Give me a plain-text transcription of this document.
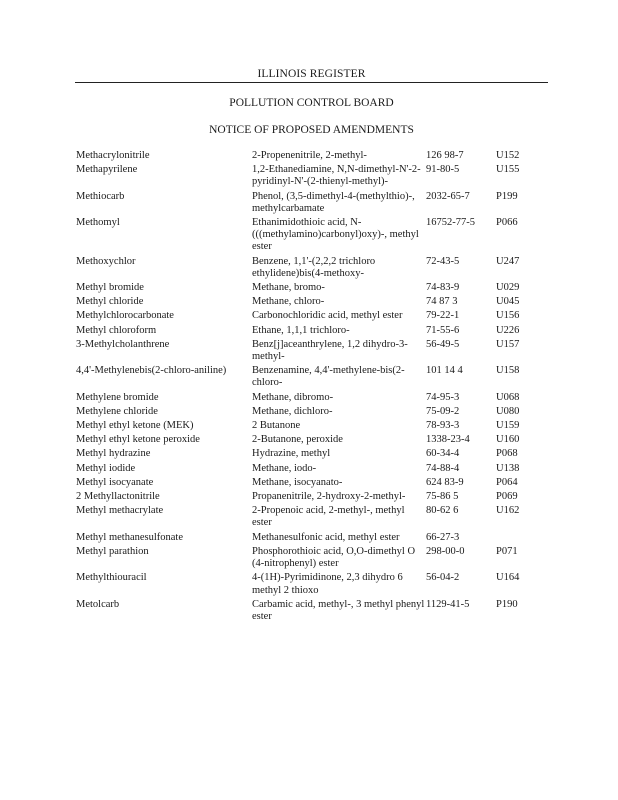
ILLINOIS REGISTER
POLLUTION CONTROL BOARD
NOTICE OF PROPOSED AMENDMENTS
Methacrylonitrile	2-Propenenitrile, 2-methyl-	126 98-7	U152
Methapyrilene	1,2-Ethanediamine, N,N-dimethyl-N'-2-pyridinyl-N'-(2-thienyl-methyl)-	91-80-5	U155
Methiocarb	Phenol, (3,5-dimethyl-4-(methylthio)-, methylcarbamate	2032-65-7	P199
Methomyl	Ethanimidothioic acid, N-(((methylamino)carbonyl)oxy)-, methyl ester	16752-77-5	P066
Methoxychlor	Benzene, 1,1'-(2,2,2 trichloro ethylidene)bis(4-methoxy-	72-43-5	U247
Methyl bromide	Methane, bromo-	74-83-9	U029
Methyl chloride	Methane, chloro-	74 87 3	U045
Methylchlorocarbonate	Carbonochloridic acid, methyl ester	79-22-1	U156
Methyl chloroform	Ethane, 1,1,1 trichloro-	71-55-6	U226
3-Methylcholanthrene	Benz[j]aceanthrylene, 1,2 dihydro-3-methyl-	56-49-5	U157
4,4'-Methylenebis(2-chloro-aniline)	Benzenamine, 4,4'-methylene-bis(2-chloro-	101 14 4	U158
Methylene bromide	Methane, dibromo-	74-95-3	U068
Methylene chloride	Methane, dichloro-	75-09-2	U080
Methyl ethyl ketone (MEK)	2 Butanone	78-93-3	U159
Methyl ethyl ketone peroxide	2-Butanone, peroxide	1338-23-4	U160
Methyl hydrazine	Hydrazine, methyl	60-34-4	P068
Methyl iodide	Methane, iodo-	74-88-4	U138
Methyl isocyanate	Methane, isocyanato-	624 83-9	P064
2 Methyllactonitrile	Propanenitrile, 2-hydroxy-2-methyl-	75-86 5	P069
Methyl methacrylate	2-Propenoic acid, 2-methyl-, methyl ester	80-62 6	U162
Methyl methanesulfonate	Methanesulfonic acid, methyl ester	66-27-3	
Methyl parathion	Phosphorothioic acid, O,O-dimethyl O (4-nitrophenyl) ester	298-00-0	P071
Methylthiouracil	4-(1H)-Pyrimidinone, 2,3 dihydro 6 methyl 2 thioxo	56-04-2	U164
Metolcarb	Carbamic acid, methyl-, 3 methyl phenyl ester	1129-41-5	P190
